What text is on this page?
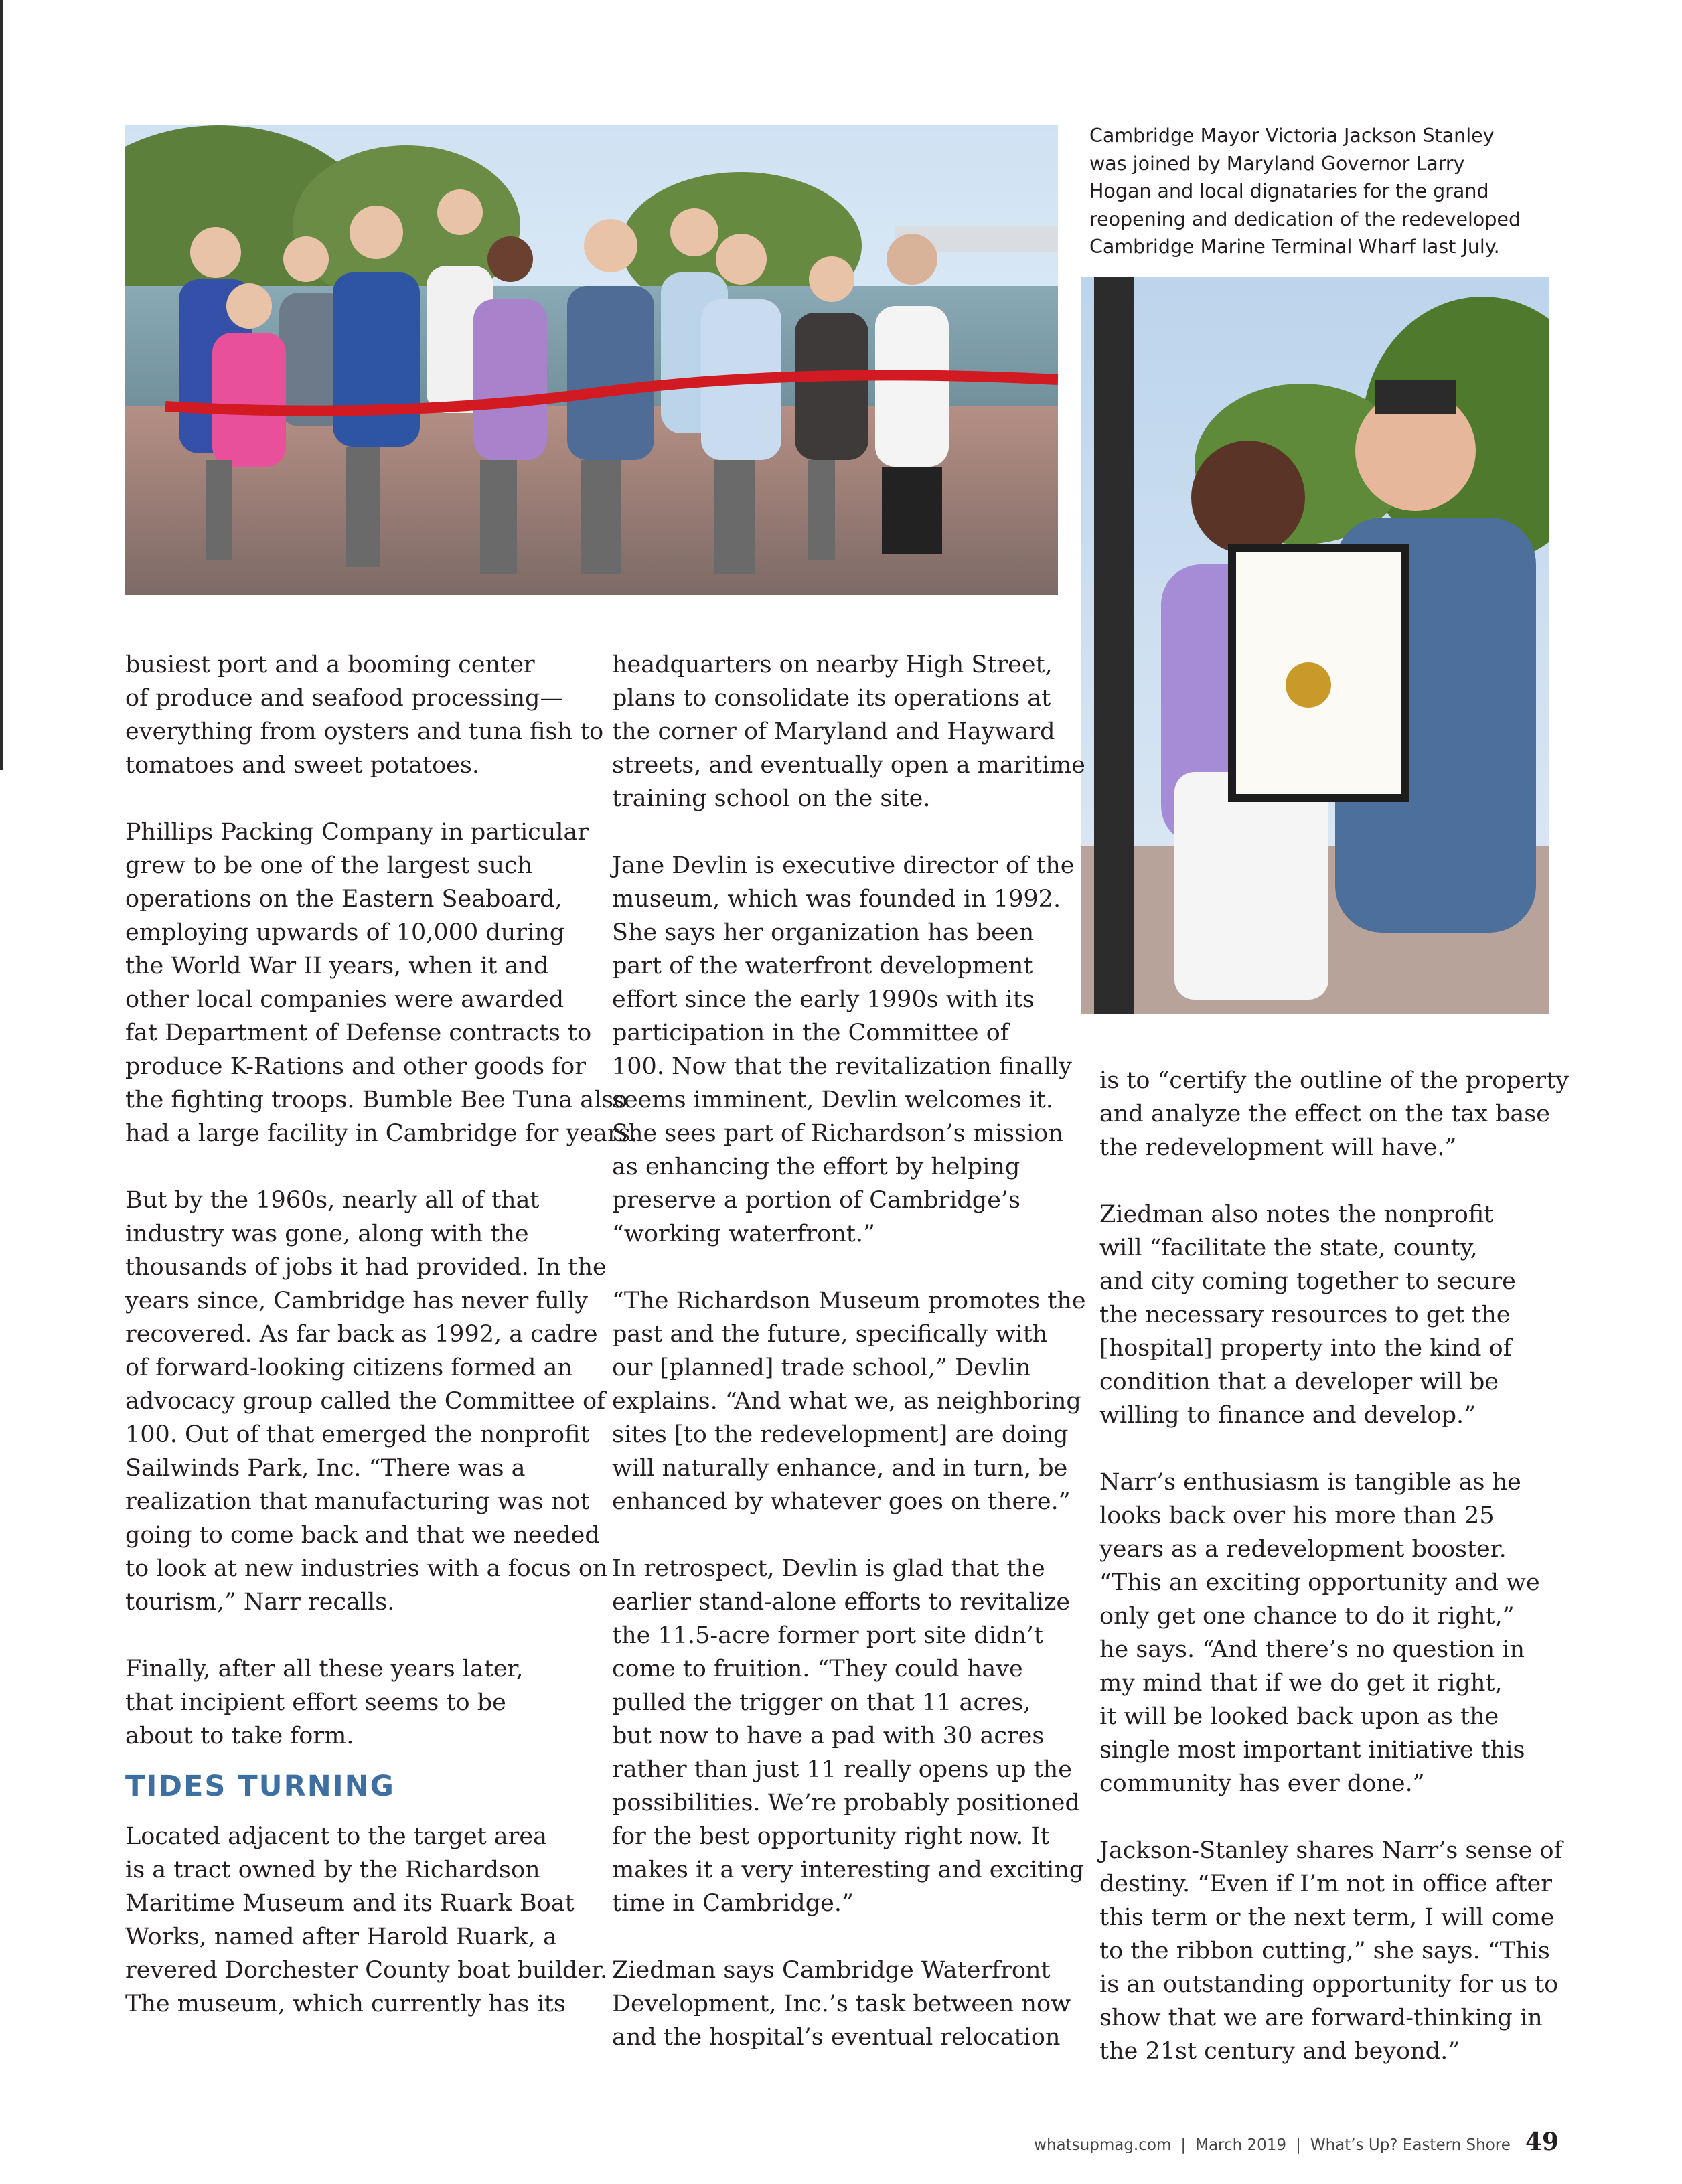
Cambridge Mayor Victoria Jackson Stanley
was joined by Maryland Governor Larry
Hogan and local dignataries for the grand
reopening and dedication of the redeveloped
Cambridge Marine Terminal Wharf last July.
busiest port and a booming center
of produce and seafood processing—
everything from oysters and tuna fish to
tomatoes and sweet potatoes.
Phillips Packing Company in particular
grew to be one of the largest such
operations on the Eastern Seaboard,
employing upwards of 10,000 during
the World War II years, when it and
other local companies were awarded
fat Department of Defense contracts to
produce K-Rations and other goods for
the fighting troops. Bumble Bee Tuna also
had a large facility in Cambridge for years.
But by the 1960s, nearly all of that
industry was gone, along with the
thousands of jobs it had provided. In the
years since, Cambridge has never fully
recovered. As far back as 1992, a cadre
of forward-looking citizens formed an
advocacy group called the Committee of
100. Out of that emerged the nonprofit
Sailwinds Park, Inc. “There was a
realization that manufacturing was not
going to come back and that we needed
to look at new industries with a focus on
tourism,” Narr recalls.
Finally, after all these years later,
that incipient effort seems to be
about to take form.
TIDES TURNING
Located adjacent to the target area
is a tract owned by the Richardson
Maritime Museum and its Ruark Boat
Works, named after Harold Ruark, a
revered Dorchester County boat builder.
The museum, which currently has its
headquarters on nearby High Street,
plans to consolidate its operations at
the corner of Maryland and Hayward
streets, and eventually open a maritime
training school on the site.
Jane Devlin is executive director of the
museum, which was founded in 1992.
She says her organization has been
part of the waterfront development
effort since the early 1990s with its
participation in the Committee of
100. Now that the revitalization finally
seems imminent, Devlin welcomes it.
She sees part of Richardson’s mission
as enhancing the effort by helping
preserve a portion of Cambridge’s
“working waterfront.”
“The Richardson Museum promotes the
past and the future, specifically with
our [planned] trade school,” Devlin
explains. “And what we, as neighboring
sites [to the redevelopment] are doing
will naturally enhance, and in turn, be
enhanced by whatever goes on there.”
In retrospect, Devlin is glad that the
earlier stand-alone efforts to revitalize
the 11.5-acre former port site didn’t
come to fruition. “They could have
pulled the trigger on that 11 acres,
but now to have a pad with 30 acres
rather than just 11 really opens up the
possibilities. We’re probably positioned
for the best opportunity right now. It
makes it a very interesting and exciting
time in Cambridge.”
Ziedman says Cambridge Waterfront
Development, Inc.’s task between now
and the hospital’s eventual relocation
is to “certify the outline of the property
and analyze the effect on the tax base
the redevelopment will have.”
Ziedman also notes the nonprofit
will “facilitate the state, county,
and city coming together to secure
the necessary resources to get the
[hospital] property into the kind of
condition that a developer will be
willing to finance and develop.”
Narr’s enthusiasm is tangible as he
looks back over his more than 25
years as a redevelopment booster.
“This an exciting opportunity and we
only get one chance to do it right,”
he says. “And there’s no question in
my mind that if we do get it right,
it will be looked back upon as the
single most important initiative this
community has ever done.”
Jackson-Stanley shares Narr’s sense of
destiny. “Even if I’m not in office after
this term or the next term, I will come
to the ribbon cutting,” she says. “This
is an outstanding opportunity for us to
show that we are forward-thinking in
the 21st century and beyond.”
whatsupmag.com | March 2019 | What’s Up? Eastern Shore 49
